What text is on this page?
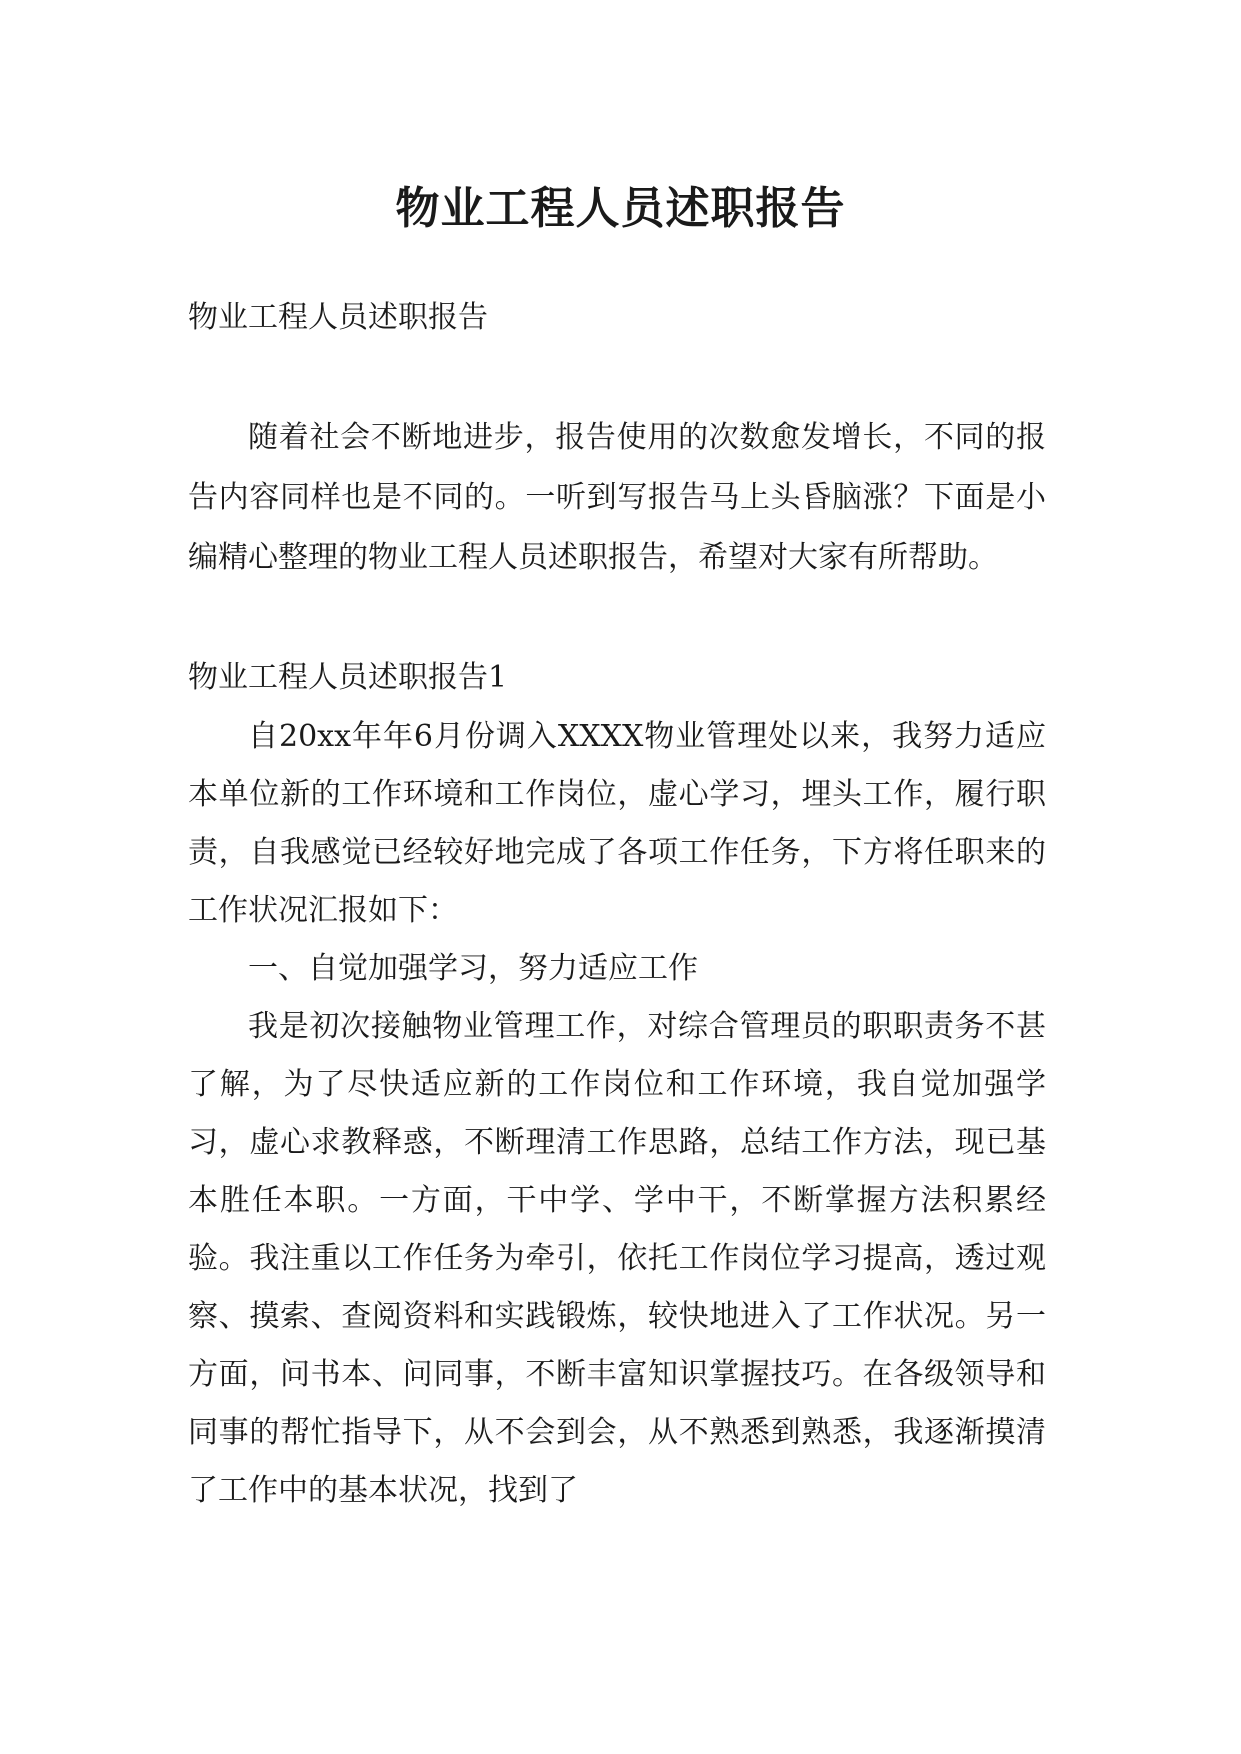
物业工程人员述职报告

物业工程人员述职报告

随着社会不断地进步，报告使用的次数愈发增长，不同的报告内容同样也是不同的。一听到写报告马上头昏脑涨？下面是小编精心整理的物业工程人员述职报告，希望对大家有所帮助。

物业工程人员述职报告1

自20xx年年6月份调入XXXX物业管理处以来，我努力适应本单位新的工作环境和工作岗位，虚心学习，埋头工作，履行职责，自我感觉已经较好地完成了各项工作任务，下方将任职来的工作状况汇报如下：

一、自觉加强学习，努力适应工作

我是初次接触物业管理工作，对综合管理员的职职责务不甚了解，为了尽快适应新的工作岗位和工作环境，我自觉加强学习，虚心求教释惑，不断理清工作思路，总结工作方法，现已基本胜任本职。一方面，干中学、学中干，不断掌握方法积累经验。我注重以工作任务为牵引，依托工作岗位学习提高，透过观察、摸索、查阅资料和实践锻炼，较快地进入了工作状况。另一方面，问书本、问同事，不断丰富知识掌握技巧。在各级领导和同事的帮忙指导下，从不会到会，从不熟悉到熟悉，我逐渐摸清了工作中的基本状况，找到了
